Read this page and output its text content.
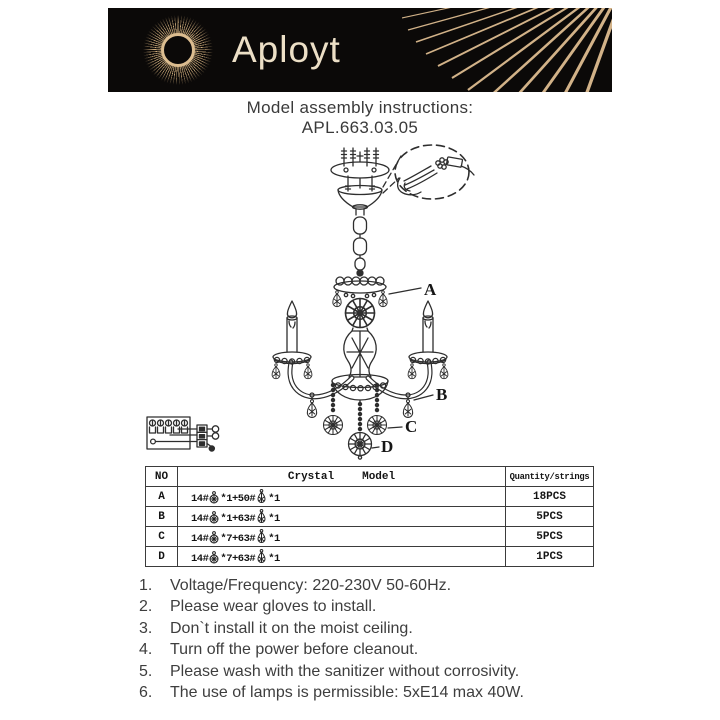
Aployt
Model assembly instructions:
APL.663.03.05
A
B
C
D
NO	Crystal Model	Quantity/strings
A	14# *1+50# *1	18PCS
B	14# *1+63# *1	5PCS
C	14# *7+63# *1	5PCS
D	14# *7+63# *1	1PCS
1.	Voltage/Frequency: 220-230V 50-60Hz.
2.	Please wear gloves to install.
3.	Don`t install it on the moist ceiling.
4.	Turn off the power before cleanout.
5.	Please wash with the sanitizer without corrosivity.
6.	The use of lamps is permissible: 5xE14 max 40W.
